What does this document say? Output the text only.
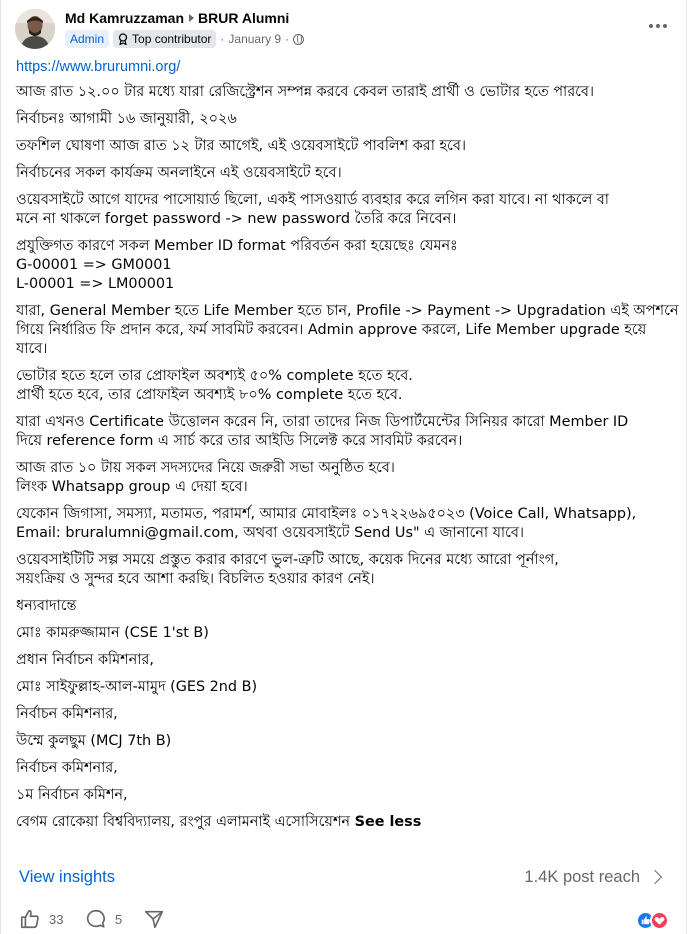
Md Kamruzzaman BRUR Alumni
Admin	Top contributor · January 9 ·
https://www.brurumni.org/
আজ রাত ১২.০০ টার মধ্যে যারা রেজিস্ট্রেশন সম্পন্ন করবে কেবল তারাই প্রার্থী ও ভোটার হতে পারবে।
নির্বাচনঃ আগামী ১৬ জানুয়ারী, ২০২৬
তফশিল ঘোষণা আজ রাত ১২ টার আগেই, এই ওয়েবসাইটে পাবলিশ করা হবে।
নির্বাচনের সকল কার্যক্রম অনলাইনে এই ওয়েবসাইটে হবে।
ওয়েবসাইটে আগে যাদের পাসোয়ার্ড ছিলো, একই পাসওয়ার্ড ব্যবহার করে লগিন করা যাবে। না থাকলে বা
মনে না থাকলে forget password -> new password তৈরি করে নিবেন।
প্রযুক্তিগত কারণে সকল Member ID format পরিবর্তন করা হয়েছেঃ যেমনঃ
G-00001 => GM0001
L-00001 => LM00001
যারা, General Member হতে Life Member হতে চান, Profile -> Payment -> Upgradation এই অপশনে
গিয়ে নির্ধারিত ফি প্রদান করে, ফর্ম সাবমিট করবেন। Admin approve করলে, Life Member upgrade হয়ে
যাবে।
ভোটার হতে হলে তার প্রোফাইল অবশ্যই ৫০% complete হতে হবে.
প্রার্থী হতে হবে, তার প্রোফাইল অবশ্যই ৮০% complete হতে হবে.
যারা এখনও Certificate উত্তোলন করেন নি, তারা তাদের নিজ ডিপার্টমেন্টের সিনিয়র কারো Member ID
দিয়ে reference form এ সার্চ করে তার আইডি সিলেক্ট করে সাবমিট করবেন।
আজ রাত ১০ টায় সকল সদস্যদের নিয়ে জরুরী সভা অনুষ্ঠিত হবে।
লিংক Whatsapp group এ দেয়া হবে।
যেকোন জিগাসা, সমস্যা, মতামত, পরামর্শ, আমার মোবাইলঃ ০১৭২২৬৯৫০২৩ (Voice Call, Whatsapp),
Email: bruralumni@gmail.com, অথবা ওয়েবসাইটে Send Us" এ জানানো যাবে।
ওয়েবসাইটিটি সল্প সময়ে প্রস্তুত করার কারণে ভুল-ত্রুটি আছে, কয়েক দিনের মধ্যে আরো পূর্নাংগ,
সয়ংক্রিয় ও সুন্দর হবে আশা করছি। বিচলিত হওয়ার কারণ নেই।
ধন্যবাদান্তে
মোঃ কামরুজ্জামান (CSE 1'st B)
প্রধান নির্বাচন কমিশনার,
মোঃ সাইফুল্লাহ-আল-মামুদ (GES 2nd B)
নির্বাচন কমিশনার,
উম্মে কুলছুম (MCJ 7th B)
নির্বাচন কমিশনার,
১ম নির্বাচন কমিশন,
বেগম রোকেয়া বিশ্ববিদ্যালয়, রংপুর এলামনাই এসোসিয়েশন See less
View insights	1.4K post reach
33	5
